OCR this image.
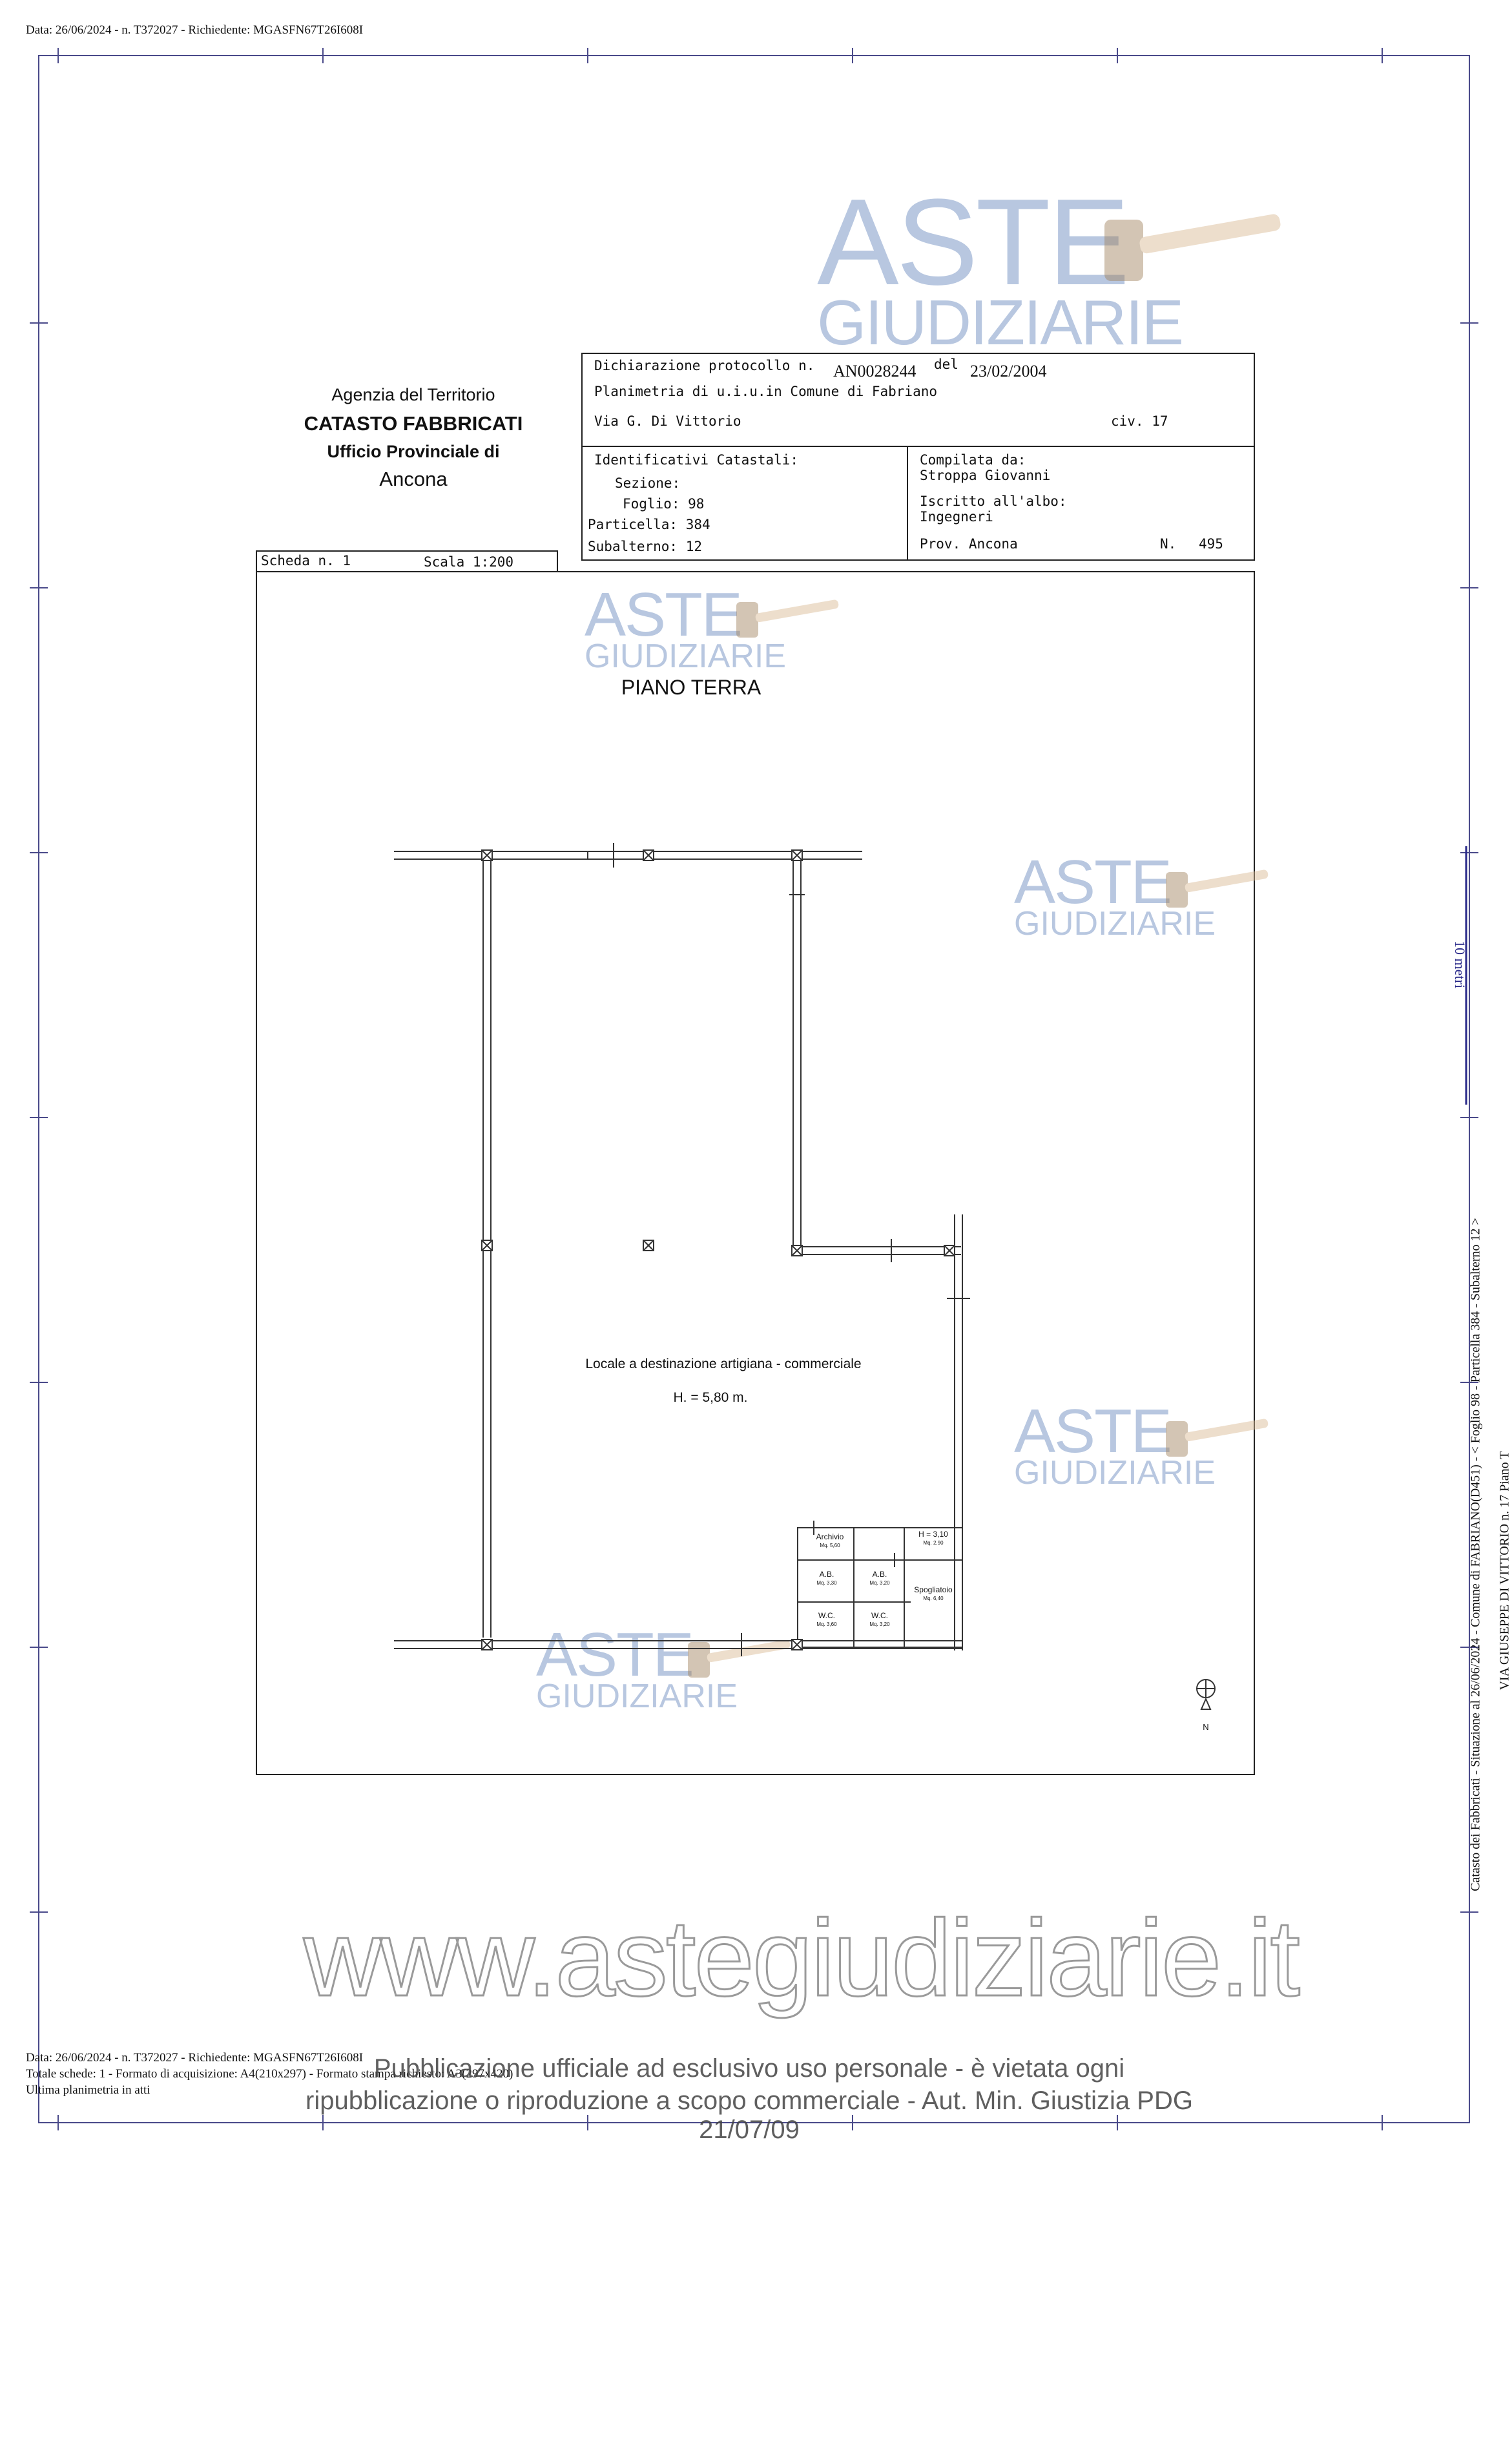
Data: 26/06/2024 - n. T372027 - Richiedente: MGASFN67T26I608I
ASTE
GIUDIZIARIE
Agenzia del Territorio
CATASTO FABBRICATI
Ufficio Provinciale di
Ancona
Dichiarazione protocollo n. AN0028244 del 23/02/2004
Planimetria di u.i.u.in Comune di Fabriano
Via G. Di Vittorio	civ. 17
Identificativi Catastali:
Sezione:
Foglio: 98
Particella: 384
Subalterno: 12
Compilata da:
Stroppa Giovanni
Iscritto all'albo:
Ingegneri
Prov. Ancona	N. 495
Scheda n. 1	Scala 1:200
ASTE
GIUDIZIARIE
ASTE
GIUDIZIARIE
ASTE
GIUDIZIARIE
ASTE
GIUDIZIARIE
PIANO TERRA
Locale a destinazione artigiana - commerciale
H. = 5,80 m.
Archivio
Mq. 5,60
H = 3,10
Mq. 2,90
A.B.
Mq. 3,30
A.B.
Mq. 3,20
Spogliatoio
Mq. 6,40
W.C.
Mq. 3,60
W.C.
Mq. 3,20
N
10 metri
Catasto dei Fabbricati - Situazione al 26/06/2024 - Comune di FABRIANO(D451) - < Foglio 98 - Particella 384 - Subalterno 12 > VIA GIUSEPPE DI VITTORIO n. 17 Piano T
www.astegiudiziarie.it
Data: 26/06/2024 - n. T372027 - Richiedente: MGASFN67T26I608I
Totale schede: 1 - Formato di acquisizione: A4(210x297) - Formato stampa richiesto: A3(297x420)
Ultima planimetria in atti
Pubblicazione ufficiale ad esclusivo uso personale - è vietata ogni
ripubblicazione o riproduzione a scopo commerciale - Aut. Min. Giustizia PDG 21/07/09
